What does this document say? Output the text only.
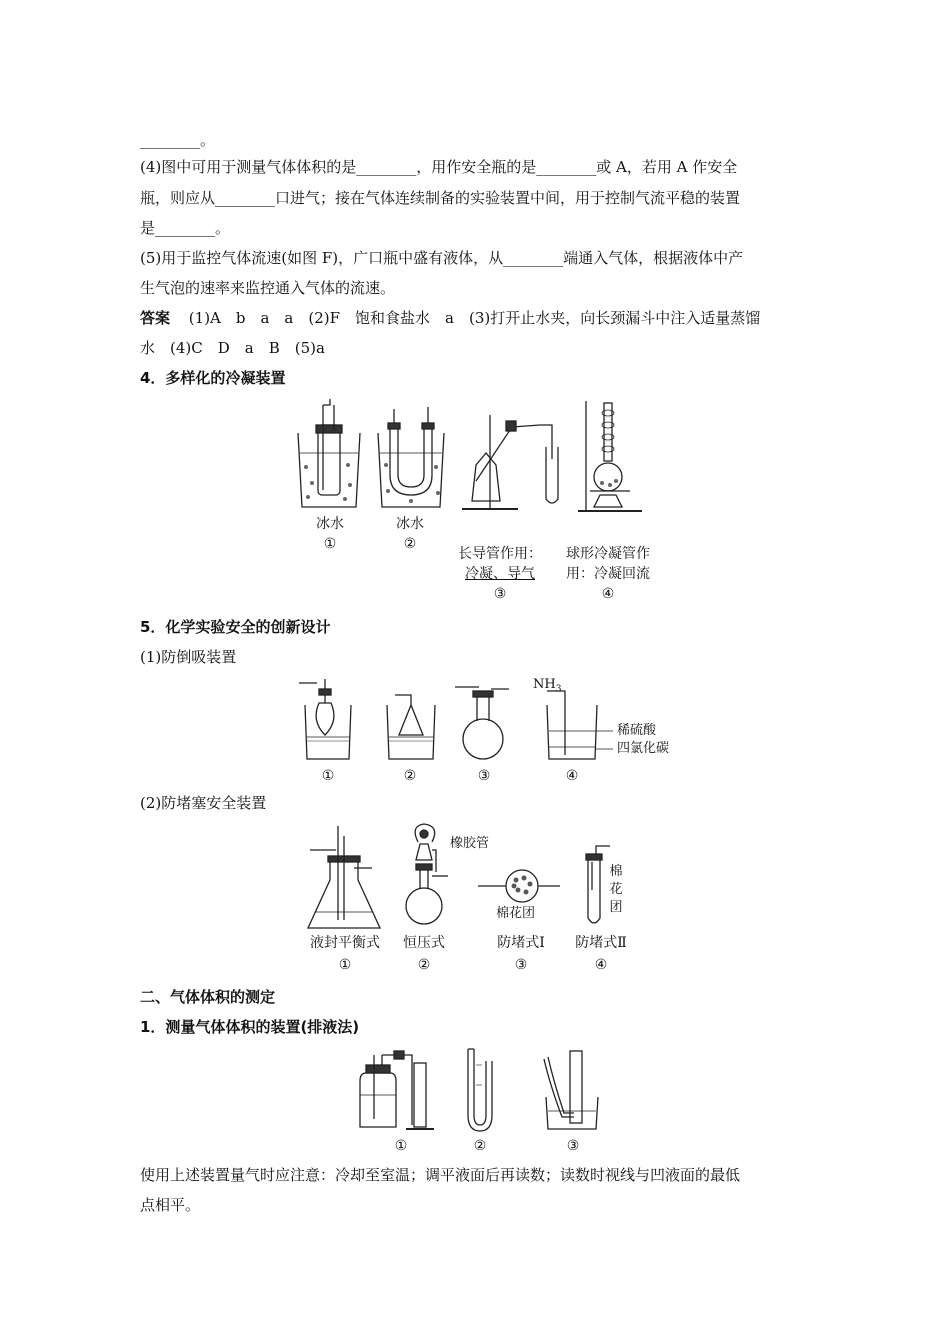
________。
(4)图中可用于测量气体体积的是________，用作安全瓶的是________或 A，若用 A 作安全
瓶，则应从________口进气；接在气体连续制备的实验装置中间，用于控制气流平稳的装置
是________。
(5)用于监控气体流速(如图 F)，广口瓶中盛有液体，从________端通入气体，根据液体中产
生气泡的速率来监控通入气体的流速。
答案 (1)A　b　a　a　(2)F　饱和食盐水　a　(3)打开止水夹，向长颈漏斗中注入适量蒸馏
水　(4)C　D　a　B　(5)a
4．多样化的冷凝装置
冰水
①
冰水
②
长导管作用：
冷凝、导气
③
球形冷凝管作
用：冷凝回流
④
5．化学实验安全的创新设计
(1)防倒吸装置
$NH_3$
稀硫酸
四氯化碳
①	②	③	④
(2)防堵塞安全装置
橡胶管
棉
花
团
棉花团
液封平衡式
①
恒压式
②
防堵式Ⅰ
③
防堵式Ⅱ
④
二、气体体积的测定
1．测量气体体积的装置(排液法)
①	②	③
使用上述装置量气时应注意：冷却至室温；调平液面后再读数；读数时视线与凹液面的最低
点相平。
